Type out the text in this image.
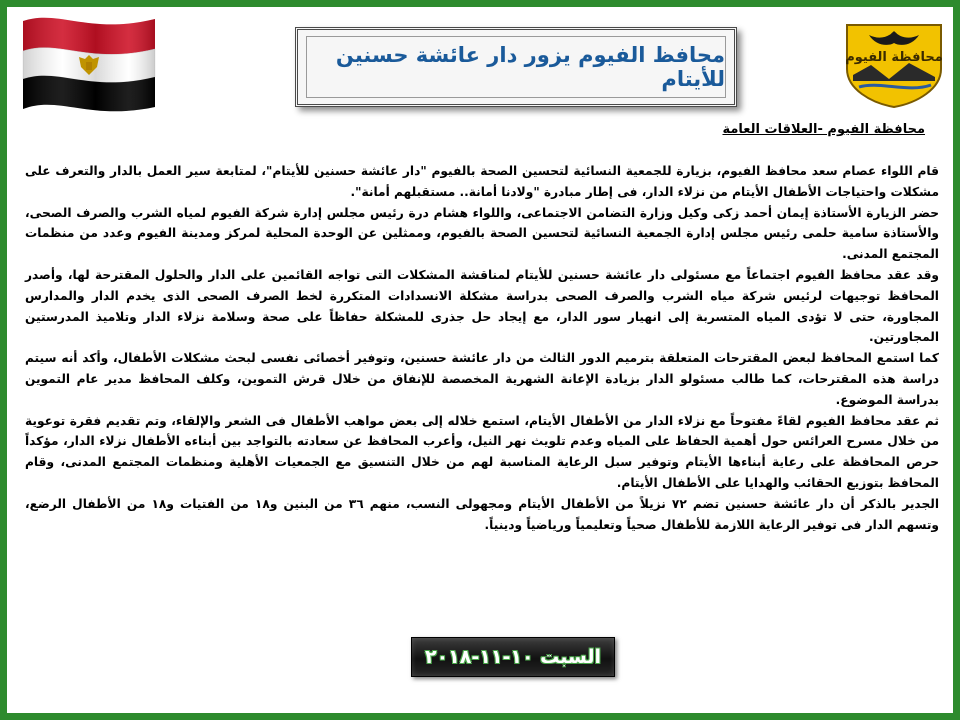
محافظة الفيوم
محافظ الفيوم يزور دار عائشة حسنين للأيتام
محافظة الفيوم -العلاقات العامة

قام اللواء عصام سعد محافظ الفيوم، بزيارة للجمعية النسائية لتحسين الصحة بالفيوم "دار عائشة حسنين للأيتام"، لمتابعة سير العمل بالدار والتعرف على مشكلات واحتياجات الأطفال الأيتام من نزلاء الدار، فى إطار مبادرة "ولادنا أمانة.. مستقبلهم أمانة".

حضر الزيارة الأستاذة إيمان أحمد زكى وكيل وزارة التضامن الاجتماعى، واللواء هشام درة رئيس مجلس إدارة شركة الفيوم لمياه الشرب والصرف الصحى، والأستاذة سامية حلمى رئيس مجلس إدارة الجمعية النسائية لتحسين الصحة بالفيوم، وممثلين عن الوحدة المحلية لمركز ومدينة الفيوم وعدد من منظمات المجتمع المدنى.

وقد عقد محافظ الفيوم اجتماعاً مع مسئولى دار عائشة حسنين للأيتام لمناقشة المشكلات التى تواجه القائمين على الدار والحلول المقترحة لها، وأصدر المحافظ توجيهات لرئيس شركة مياه الشرب والصرف الصحى بدراسة مشكلة الانسدادات المتكررة لخط الصرف الصحى الذى يخدم الدار والمدارس المجاورة، حتى لا تؤدى المياه المتسربة إلى انهيار سور الدار، مع إيجاد حل جذرى للمشكلة حفاظاً على صحة وسلامة نزلاء الدار وتلاميذ المدرستين المجاورتين.

كما استمع المحافظ لبعض المقترحات المتعلقة بترميم الدور الثالث من دار عائشة حسنين، وتوفير أخصائى نفسى لبحث مشكلات الأطفال، وأكد أنه سيتم دراسة هذه المقترحات، كما طالب مسئولو الدار بزيادة الإعانة الشهرية المخصصة للإنفاق من خلال قرش التموين، وكلف المحافظ مدير عام التموين بدراسة الموضوع.

ثم عقد محافظ الفيوم لقاءً مفتوحاً مع نزلاء الدار من الأطفال الأيتام، استمع خلاله إلى بعض مواهب الأطفال فى الشعر والإلقاء، وتم تقديم فقرة توعوية من خلال مسرح العرائس حول أهمية الحفاظ على المياه وعدم تلويث نهر النيل، وأعرب المحافظ عن سعادته بالتواجد بين أبناءه الأطفال نزلاء الدار، مؤكداً حرص المحافظة على رعاية أبناءها الأيتام وتوفير سبل الرعاية المناسبة لهم من خلال التنسيق مع الجمعيات الأهلية ومنظمات المجتمع المدنى، وقام المحافظ بتوزيع الحقائب والهدايا على الأطفال الأيتام.

الجدير بالذكر أن دار عائشة حسنين تضم ٧٢ نزيلاً من الأطفال الأيتام ومجهولى النسب، منهم ٣٦ من البنين و١٨ من الفتيات و١٨ من الأطفال الرضع، وتسهم الدار فى توفير الرعاية اللازمة للأطفال صحياً وتعليمياً ورياضياً ودينياً.

السبت ١٠-١١-٢٠١٨
